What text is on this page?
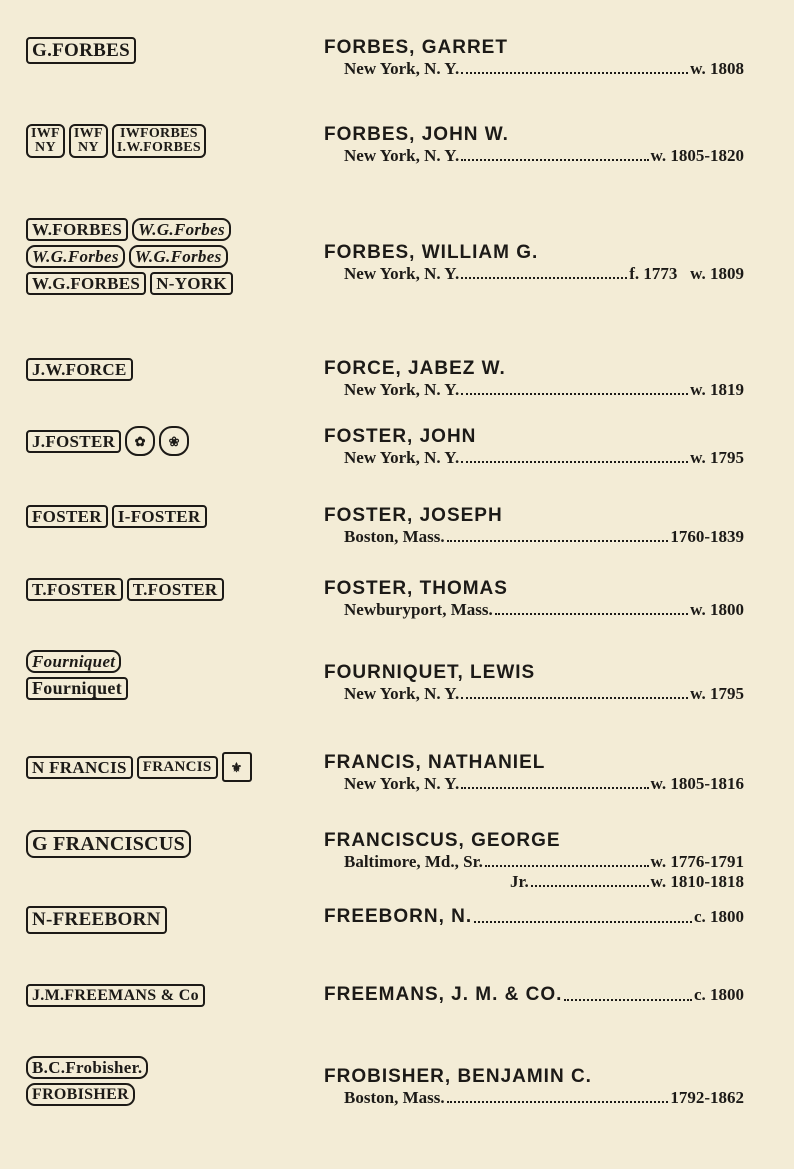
G.FORBES	FORBES, GARRET
New York, N. Y.	w. 1808
IWF
NY
IWF
NY
IWFORBES
I.W.FORBES
FORBES, JOHN W.
New York, N. Y.	w. 1805-1820
W.FORBES W.G.Forbes
W.G.Forbes W.G.Forbes
W.G.FORBES N-YORK
FORBES, WILLIAM G.
New York, N. Y.	f. 1773   w. 1809
J.W.FORCE	FORCE, JABEZ W.
New York, N. Y.	w. 1819
J.FOSTER	✿	❀	FOSTER, JOHN
New York, N. Y.	w. 1795
FOSTER I-FOSTER	FOSTER, JOSEPH
Boston, Mass.	1760-1839
T.FOSTER T.FOSTER	FOSTER, THOMAS
Newburyport, Mass.	w. 1800
Fourniquet
Fourniquet
FOURNIQUET, LEWIS
New York, N. Y.	w. 1795
N FRANCIS	FRANCIS	⚜	FRANCIS, NATHANIEL
New York, N. Y.	w. 1805-1816
G FRANCISCUS	FRANCISCUS, GEORGE
Baltimore, Md., Sr.	w. 1776-1791
Jr.	w. 1810-1818
N-FREEBORN	FREEBORN, N.	c. 1800
J.M.FREEMANS & Co	FREEMANS, J. M. & CO.	c. 1800
B.C.Frobisher.
FROBISHER
FROBISHER, BENJAMIN C.
Boston, Mass.	1792-1862
